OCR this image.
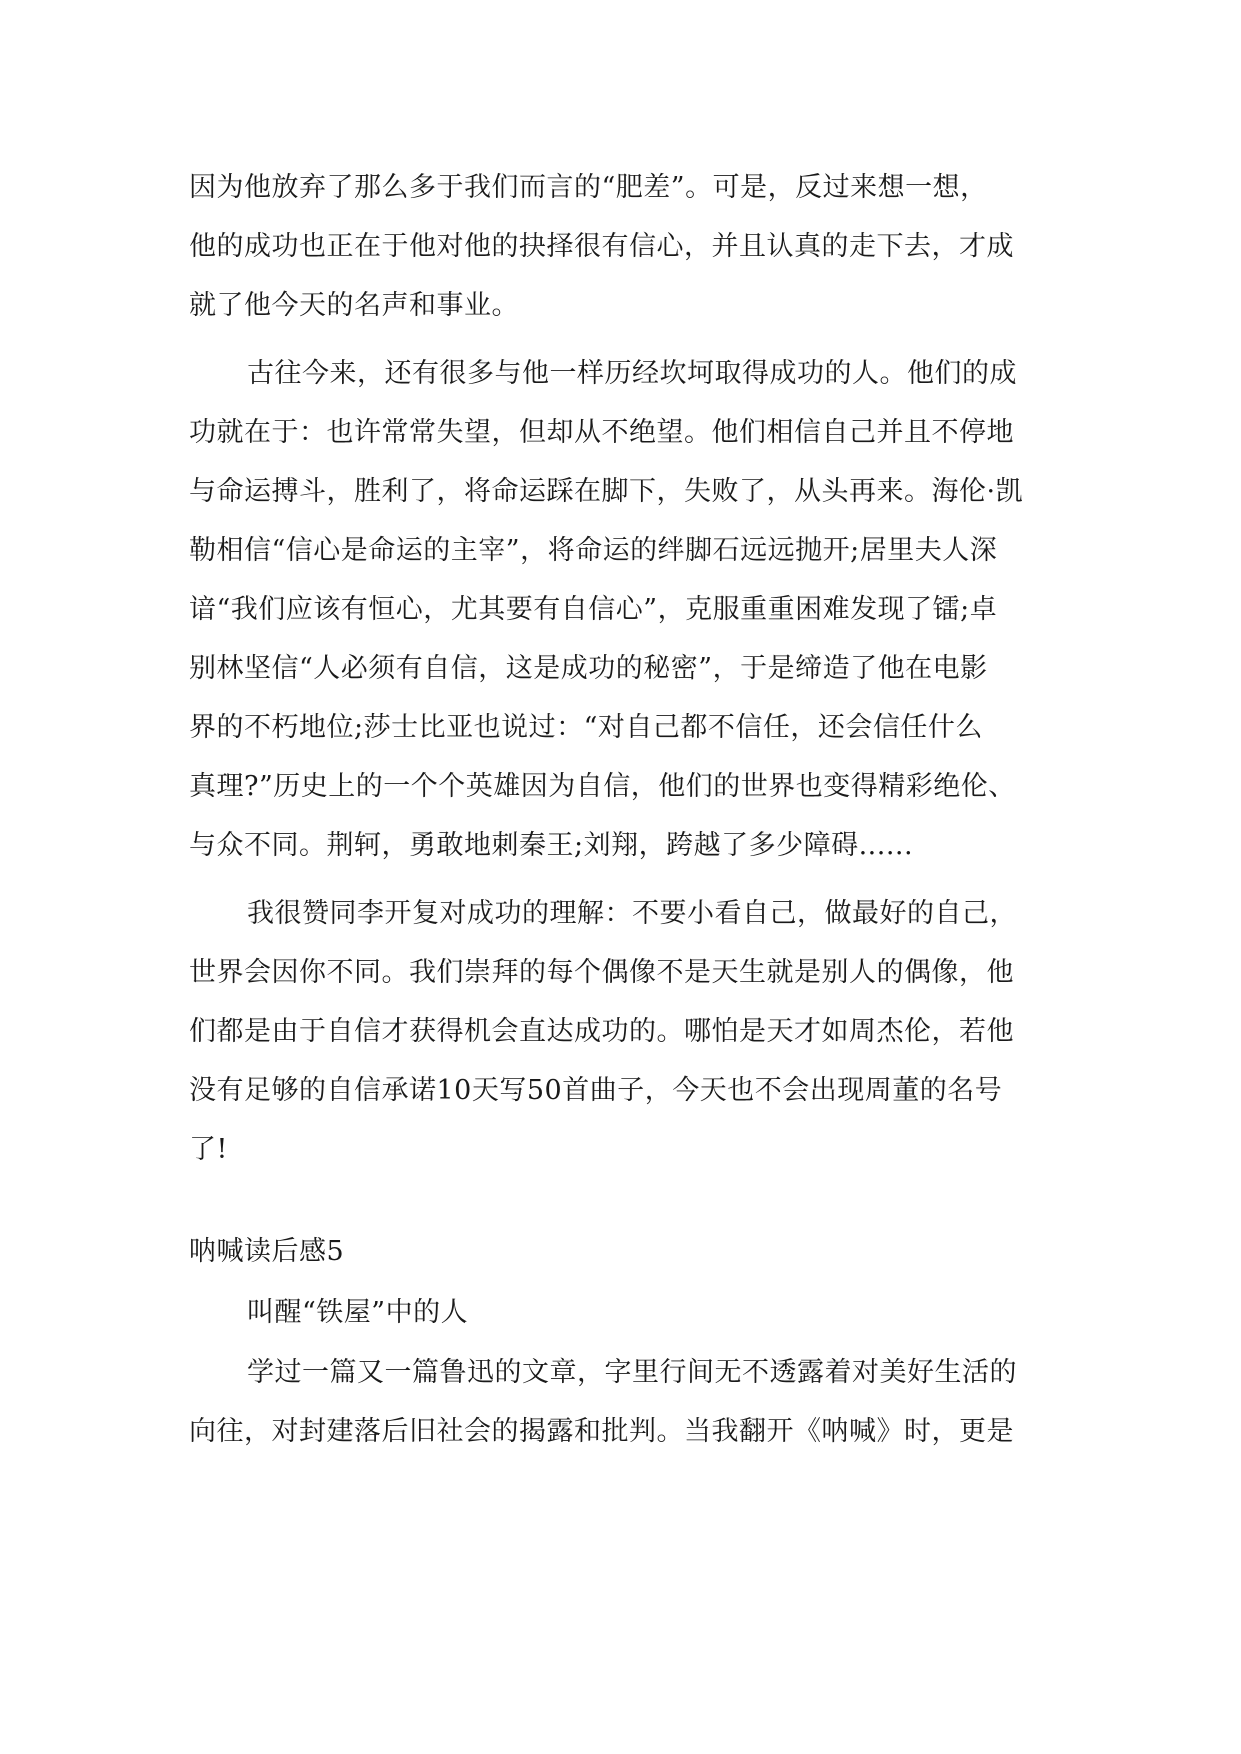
因为他放弃了那么多于我们而言的“肥差”。可是，反过来想一想，
他的成功也正在于他对他的抉择很有信心，并且认真的走下去，才成
就了他今天的名声和事业。
古往今来，还有很多与他一样历经坎坷取得成功的人。他们的成
功就在于：也许常常失望，但却从不绝望。他们相信自己并且不停地
与命运搏斗，胜利了，将命运踩在脚下，失败了，从头再来。海伦·凯
勒相信“信心是命运的主宰”，将命运的绊脚石远远抛开;居里夫人深
谙“我们应该有恒心，尤其要有自信心”，克服重重困难发现了镭;卓
别林坚信“人必须有自信，这是成功的秘密”，于是缔造了他在电影
界的不朽地位;莎士比亚也说过：“对自己都不信任，还会信任什么
真理?”历史上的一个个英雄因为自信，他们的世界也变得精彩绝伦、
与众不同。荆轲，勇敢地刺秦王;刘翔，跨越了多少障碍......
我很赞同李开复对成功的理解：不要小看自己，做最好的自己，
世界会因你不同。我们崇拜的每个偶像不是天生就是别人的偶像，他
们都是由于自信才获得机会直达成功的。哪怕是天才如周杰伦，若他
没有足够的自信承诺10天写50首曲子，今天也不会出现周董的名号
了!
呐喊读后感5
叫醒“铁屋”中的人
学过一篇又一篇鲁迅的文章，字里行间无不透露着对美好生活的
向往，对封建落后旧社会的揭露和批判。当我翻开《呐喊》时，更是
